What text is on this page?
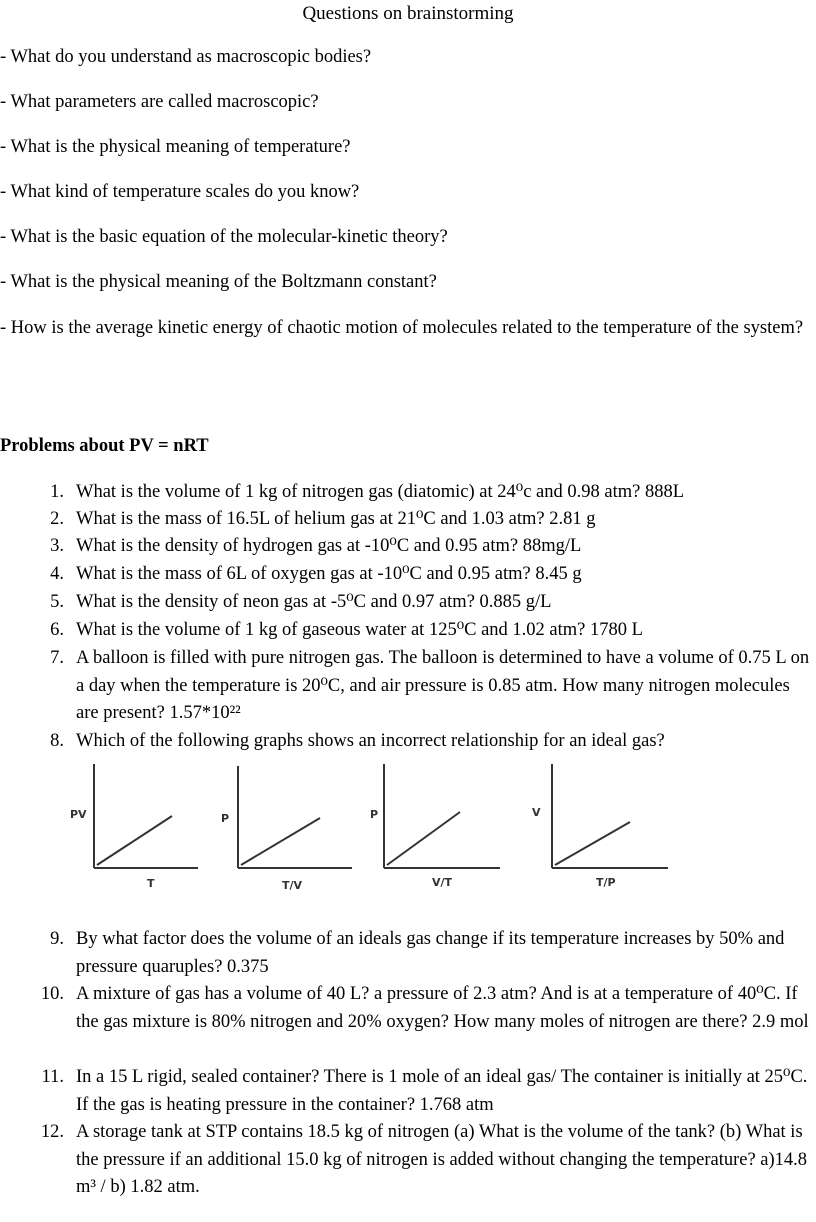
Questions on brainstorming
- What do you understand as macroscopic bodies?
- What parameters are called macroscopic?
- What is the physical meaning of temperature?
- What kind of temperature scales do you know?
- What is the basic equation of the molecular-kinetic theory?
- What is the physical meaning of the Boltzmann constant?
- How is the average kinetic energy of chaotic motion of molecules related to the temperature of the system?
Problems about PV = nRT
1. What is the volume of 1 kg of nitrogen gas (diatomic) at 24⁰c and 0.98 atm? 888L
2. What is the mass of 16.5L of helium gas at 21⁰C and 1.03 atm? 2.81 g
3. What is the density of hydrogen gas at -10⁰C and 0.95 atm? 88mg/L
4. What is the mass of 6L of oxygen gas at -10⁰C and 0.95 atm? 8.45 g
5. What is the density of neon gas at -5⁰C and 0.97 atm? 0.885 g/L
6. What is the volume of 1 kg of gaseous water at 125⁰C and 1.02 atm? 1780 L
7. A balloon is filled with pure nitrogen gas. The balloon is determined to have a volume of 0.75 L on a day when the temperature is 20⁰C, and air pressure is 0.85 atm. How many nitrogen molecules are present? 1.57*10²²
8. Which of the following graphs shows an incorrect relationship for an ideal gas?
PV
T
P
T/V
P
V/T
V
T/P
9. By what factor does the volume of an ideals gas change if its temperature increases by 50% and pressure quaruples? 0.375
10. A mixture of gas has a volume of 40 L? a pressure of 2.3 atm? And is at a temperature of 40⁰C. If the gas mixture is 80% nitrogen and 20% oxygen? How many moles of nitrogen are there? 2.9 mol
11. In a 15 L rigid, sealed container? There is 1 mole of an ideal gas/ The container is initially at 25⁰C. If the gas is heating pressure in the container? 1.768 atm
12. A storage tank at STP contains 18.5 kg of nitrogen (a) What is the volume of the tank? (b) What is the pressure if an additional 15.0 kg of nitrogen is added without changing the temperature? a)14.8 m³ / b) 1.82 atm.
